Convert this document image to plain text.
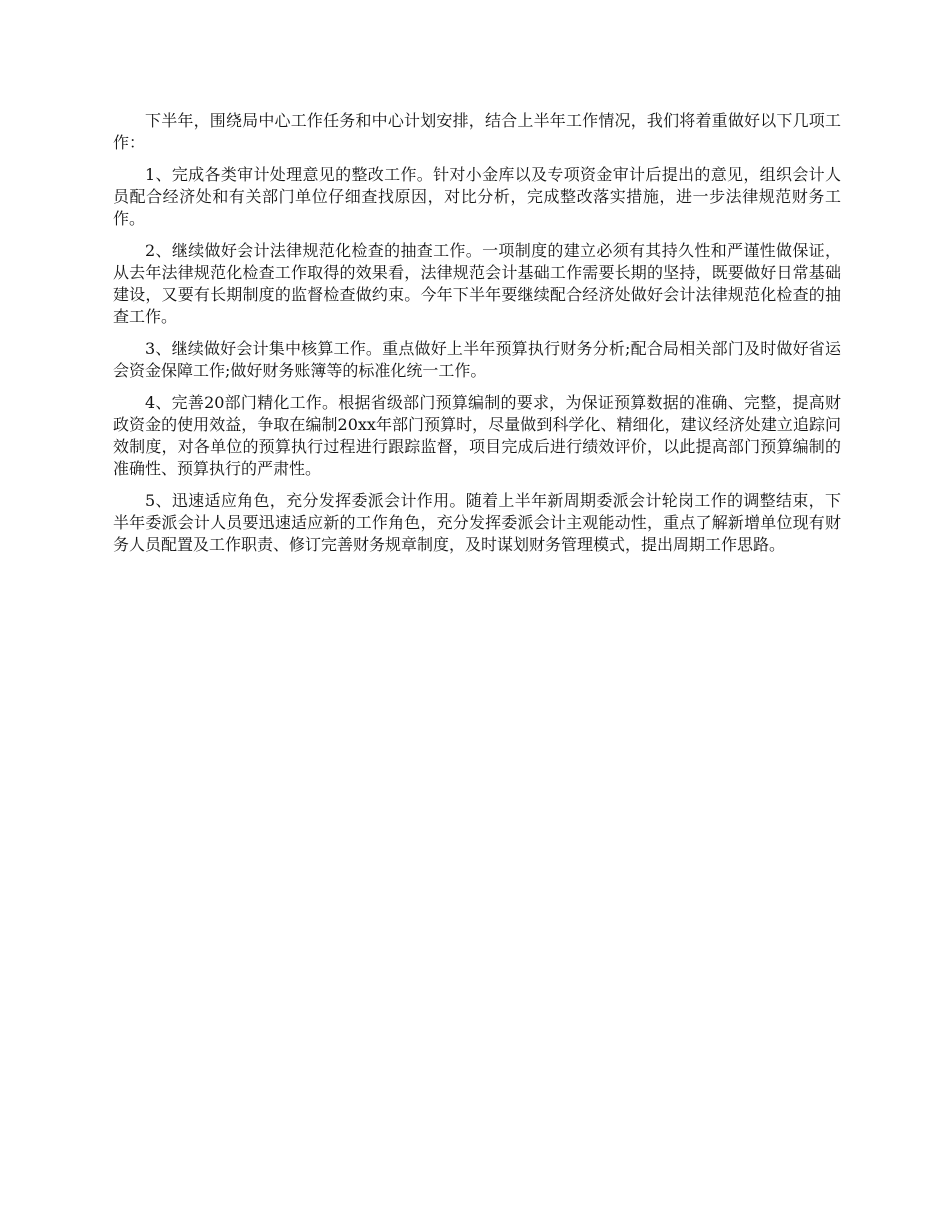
下半年，围绕局中心工作任务和中心计划安排，结合上半年工作情况，我们将着重做好以下几项工作：

1、完成各类审计处理意见的整改工作。针对小金库以及专项资金审计后提出的意见，组织会计人员配合经济处和有关部门单位仔细查找原因，对比分析，完成整改落实措施，进一步法律规范财务工作。

2、继续做好会计法律规范化检查的抽查工作。一项制度的建立必须有其持久性和严谨性做保证，从去年法律规范化检查工作取得的效果看，法律规范会计基础工作需要长期的坚持，既要做好日常基础建设，又要有长期制度的监督检查做约束。今年下半年要继续配合经济处做好会计法律规范化检查的抽查工作。

3、继续做好会计集中核算工作。重点做好上半年预算执行财务分析;配合局相关部门及时做好省运会资金保障工作;做好财务账簿等的标准化统一工作。

4、完善20部门精化工作。根据省级部门预算编制的要求，为保证预算数据的准确、完整，提高财政资金的使用效益，争取在编制20xx年部门预算时，尽量做到科学化、精细化，建议经济处建立追踪问效制度，对各单位的预算执行过程进行跟踪监督，项目完成后进行绩效评价，以此提高部门预算编制的准确性、预算执行的严肃性。

5、迅速适应角色，充分发挥委派会计作用。随着上半年新周期委派会计轮岗工作的调整结束，下半年委派会计人员要迅速适应新的工作角色，充分发挥委派会计主观能动性，重点了解新增单位现有财务人员配置及工作职责、修订完善财务规章制度，及时谋划财务管理模式，提出周期工作思路。
